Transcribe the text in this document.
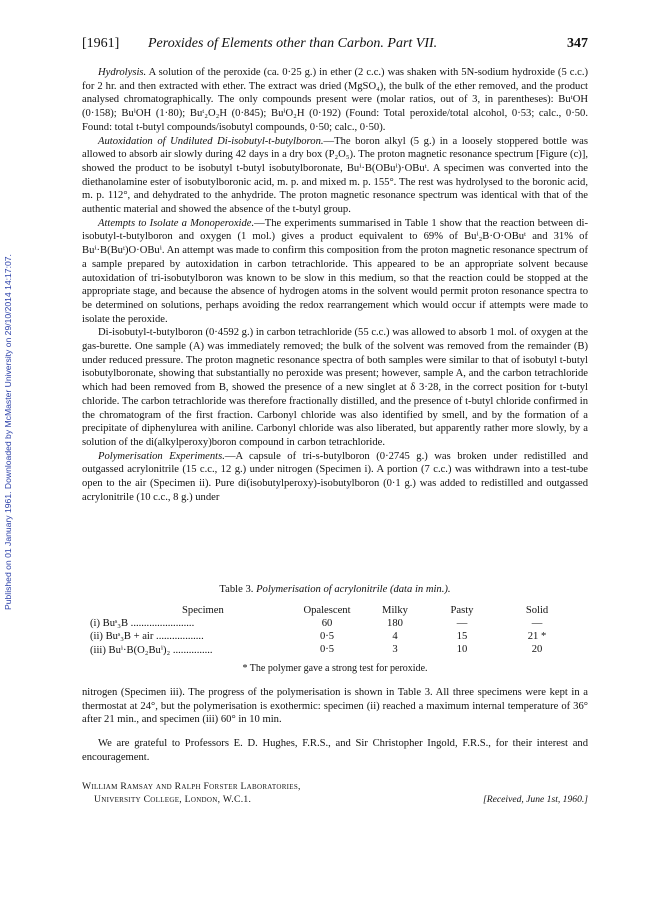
Published on 01 January 1961. Downloaded by McMaster University on 29/10/2014 14:17:07.
[1961] Peroxides of Elements other than Carbon. Part VII.	347

Hydrolysis. A solution of the peroxide (ca. 0·25 g.) in ether (2 c.c.) was shaken with 5N-sodium hydroxide (5 c.c.) for 2 hr. and then extracted with ether. The extract was dried (MgSO₄), the bulk of the ether removed, and the product analysed chromatographically. The only compounds present were (molar ratios, out of 3, in parentheses): BuᵗOH (0·158); BuⁱOH (1·80); Buᵗ₂O₂H (0·845); BuⁱO₂H (0·192) (Found: Total peroxide/total alcohol, 0·53; calc., 0·50. Found: total t-butyl compounds/isobutyl compounds, 0·50; calc., 0·50).

Autoxidation of Undiluted Di-isobutyl-t-butylboron.—The boron alkyl (5 g.) in a loosely stoppered bottle was allowed to absorb air slowly during 42 days in a dry box (P₂O₅). The proton magnetic resonance spectrum [Figure (c)], showed the product to be isobutyl t-butyl isobutylboronate, Buⁱ·B(OBuⁱ)·OBuᵗ. A specimen was converted into the diethanolamine ester of isobutylboronic acid, m. p. and mixed m. p. 155°. The rest was hydrolysed to the boronic acid, m. p. 112°, and dehydrated to the anhydride. The proton magnetic resonance spectrum was identical with that of the authentic material and showed the absence of the t-butyl group.

Attempts to Isolate a Monoperoxide.—The experiments summarised in Table 1 show that the reaction between di-isobutyl-t-butylboron and oxygen (1 mol.) gives a product equivalent to 69% of Buⁱ₂B·O·OBuᵗ and 31% of Buⁱ·B(Buᵗ)O·OBuⁱ. An attempt was made to confirm this composition from the proton magnetic resonance spectrum of a sample prepared by autoxidation in carbon tetrachloride. This appeared to be an appropriate solvent because autoxidation of tri-isobutylboron was known to be slow in this medium, so that the reaction could be stopped at the appropriate stage, and because the absence of hydrogen atoms in the solvent would permit proton resonance spectra to be determined on solutions, perhaps avoiding the redox rearrangement which would occur if attempts were made to isolate the peroxide.

Di-isobutyl-t-butylboron (0·4592 g.) in carbon tetrachloride (55 c.c.) was allowed to absorb 1 mol. of oxygen at the gas-burette. One sample (A) was immediately removed; the bulk of the solvent was removed from the remainder (B) under reduced pressure. The proton magnetic resonance spectra of both samples were similar to that of isobutyl t-butyl isobutylboronate, showing that substantially no peroxide was present; however, sample A, and the carbon tetrachloride which had been removed from B, showed the presence of a new singlet at δ 3·28, in the correct position for t-butyl chloride. The carbon tetrachloride was therefore fractionally distilled, and the presence of t-butyl chloride confirmed in the chromatogram of the first fraction. Carbonyl chloride was also identified by smell, and by the formation of a precipitate of diphenylurea with aniline. Carbonyl chloride was also liberated, but apparently rather more slowly, by a solution of the di(alkylperoxy)boron compound in carbon tetrachloride.

Polymerisation Experiments.—A capsule of tri-s-butylboron (0·2745 g.) was broken under redistilled and outgassed acrylonitrile (15 c.c., 12 g.) under nitrogen (Specimen i). A portion (7 c.c.) was withdrawn into a test-tube open to the air (Specimen ii). Pure di(isobutylperoxy)-isobutylboron (0·1 g.) was added to redistilled and outgassed acrylonitrile (10 c.c., 8 g.) under

Table 3. Polymerisation of acrylonitrile (data in min.).
Specimen	Opalescent	Milky	Pasty	Solid
(i) Buˢ₃B ........................	60	180	—	—
(ii) Buˢ₃B + air ..................	0·5	4	15	21 *
(iii) Buⁱ·B(O₂Buⁱ)₂ ...............	0·5	3	10	20
* The polymer gave a strong test for peroxide.

nitrogen (Specimen iii). The progress of the polymerisation is shown in Table 3. All three specimens were kept in a thermostat at 24°, but the polymerisation is exothermic: specimen (ii) reached a maximum internal temperature of 36° after 21 min., and specimen (iii) 60° in 10 min.

We are grateful to Professors E. D. Hughes, F.R.S., and Sir Christopher Ingold, F.R.S., for their interest and encouragement.

William Ramsay and Ralph Forster Laboratories,
University College, London, W.C.1.	[Received, June 1st, 1960.]
